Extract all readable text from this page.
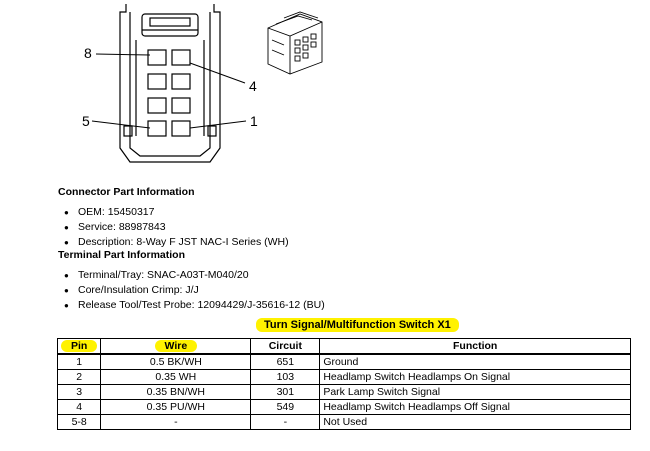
8
4
5	1
Connector Part Information
● OEM: 15450317
● Service: 88987843
● Description: 8-Way F JST NAC-I Series (WH)
Terminal Part Information
● Terminal/Tray: SNAC-A03T-M040/20
● Core/Insulation Crimp: J/J
● Release Tool/Test Probe: 12094429/J-35616-12 (BU)
Turn Signal/Multifunction Switch X1
Pin	Wire	Circuit	Function
1	0.5 BK/WH	651	Ground
2	0.35 WH	103	Headlamp Switch Headlamps On Signal
3	0.35 BN/WH	301	Park Lamp Switch Signal
4	0.35 PU/WH	549	Headlamp Switch Headlamps Off Signal
5-8	-	-	Not Used
